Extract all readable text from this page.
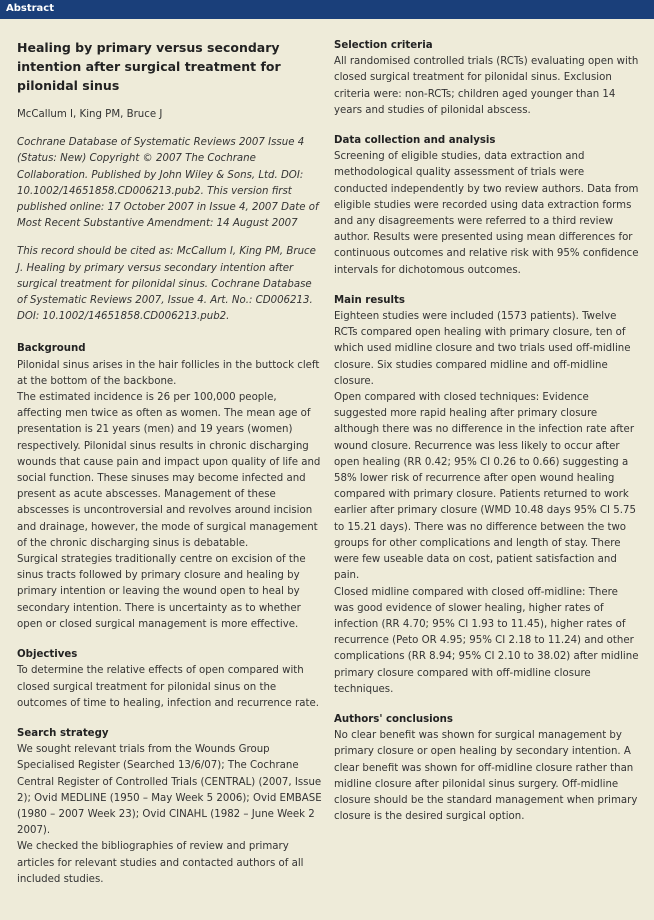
Abstract
Healing by primary versus secondary intention after surgical treatment for pilonidal sinus
McCallum I, King PM, Bruce J
Cochrane Database of Systematic Reviews 2007 Issue 4 (Status: New) Copyright © 2007 The Cochrane Collaboration. Published by John Wiley & Sons, Ltd. DOI: 10.1002/14651858.CD006213.pub2. This version first published online: 17 October 2007 in Issue 4, 2007 Date of Most Recent Substantive Amendment: 14 August 2007
This record should be cited as: McCallum I, King PM, Bruce J. Healing by primary versus secondary intention after surgical treatment for pilonidal sinus. Cochrane Database of Systematic Reviews 2007, Issue 4. Art. No.: CD006213. DOI: 10.1002/14651858.CD006213.pub2.
Background

Pilonidal sinus arises in the hair follicles in the buttock cleft at the bottom of the backbone.

The estimated incidence is 26 per 100,000 people, affecting men twice as often as women. The mean age of presentation is 21 years (men) and 19 years (women) respectively. Pilonidal sinus results in chronic discharging wounds that cause pain and impact upon quality of life and social function. These sinuses may become infected and present as acute abscesses. Management of these abscesses is uncontroversial and revolves around incision and drainage, however, the mode of surgical management of the chronic discharging sinus is debatable.

Surgical strategies traditionally centre on excision of the sinus tracts followed by primary closure and healing by primary intention or leaving the wound open to heal by secondary intention. There is uncertainty as to whether open or closed surgical management is more effective.

Objectives

To determine the relative effects of open compared with closed surgical treatment for pilonidal sinus on the outcomes of time to healing, infection and recurrence rate.

Search strategy

We sought relevant trials from the Wounds Group Specialised Register (Searched 13/6/07); The Cochrane Central Register of Controlled Trials (CENTRAL) (2007, Issue 2); Ovid MEDLINE (1950 – May Week 5 2006); Ovid EMBASE (1980 – 2007 Week 23); Ovid CINAHL (1982 – June Week 2 2007).

We checked the bibliographies of review and primary articles for relevant studies and contacted authors of all included studies.

Selection criteria

All randomised controlled trials (RCTs) evaluating open with closed surgical treatment for pilonidal sinus. Exclusion criteria were: non-RCTs; children aged younger than 14 years and studies of pilonidal abscess.

Data collection and analysis

Screening of eligible studies, data extraction and methodological quality assessment of trials were conducted independently by two review authors. Data from eligible studies were recorded using data extraction forms and any disagreements were referred to a third review author. Results were presented using mean differences for continuous outcomes and relative risk with 95% confidence intervals for dichotomous outcomes.

Main results

Eighteen studies were included (1573 patients). Twelve RCTs compared open healing with primary closure, ten of which used midline closure and two trials used off-midline closure. Six studies compared midline and off-midline closure.

Open compared with closed techniques: Evidence suggested more rapid healing after primary closure although there was no difference in the infection rate after wound closure. Recurrence was less likely to occur after open healing (RR 0.42; 95% CI 0.26 to 0.66) suggesting a 58% lower risk of recurrence after open wound healing compared with primary closure. Patients returned to work earlier after primary closure (WMD 10.48 days 95% CI 5.75 to 15.21 days). There was no difference between the two groups for other complications and length of stay. There were few useable data on cost, patient satisfaction and pain.

Closed midline compared with closed off-midline: There was good evidence of slower healing, higher rates of infection (RR 4.70; 95% CI 1.93 to 11.45), higher rates of recurrence (Peto OR 4.95; 95% CI 2.18 to 11.24) and other complications (RR 8.94; 95% CI 2.10 to 38.02) after midline primary closure compared with off-midline closure techniques.

Authors' conclusions

No clear benefit was shown for surgical management by primary closure or open healing by secondary intention. A clear benefit was shown for off-midline closure rather than midline closure after pilonidal sinus surgery. Off-midline closure should be the standard management when primary closure is the desired surgical option.
